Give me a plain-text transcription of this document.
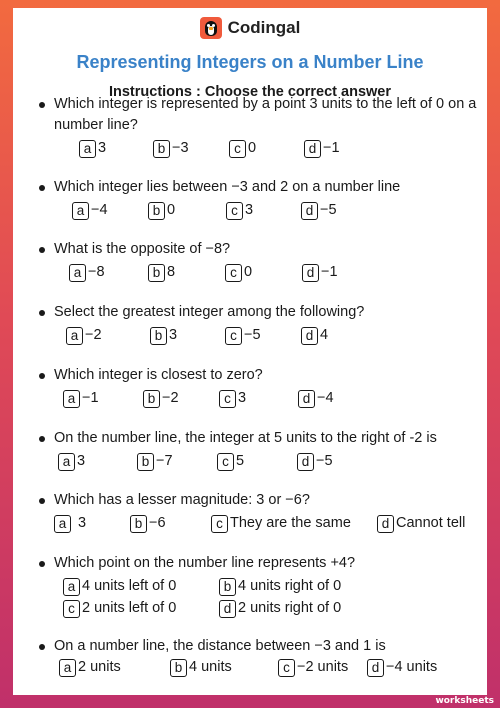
Codingal
Representing Integers on a Number Line
Instructions : Choose the correct answer
Which integer is represented by a point 3 units to the left of 0 on a number line?
a 3	b −3	c 0	d −1
Which integer lies between −3 and 2 on a number line
a −4	b 0	c 3	d −5
What is the opposite of −8?
a −8	b 8	c 0	d −1
Select the greatest integer among the following?
a −2	b 3	c −5	d 4
Which integer is closest to zero?
a −1	b −2	c 3	d −4
On the number line, the integer at 5 units to the right of -2 is
a 3	b −7	c 5	d −5
Which has a lesser magnitude: 3 or −6?
a 3	b −6	c They are the same	d Cannot tell
Which point on the number line represents +4?
a 4 units left of 0	b 4 units right of 0
c 2 units left of 0	d 2 units right of 0
On a number line, the distance between −3 and 1 is
a 2 units	b 4 units	c −2 units	d −4 units
TOP
worksheets
